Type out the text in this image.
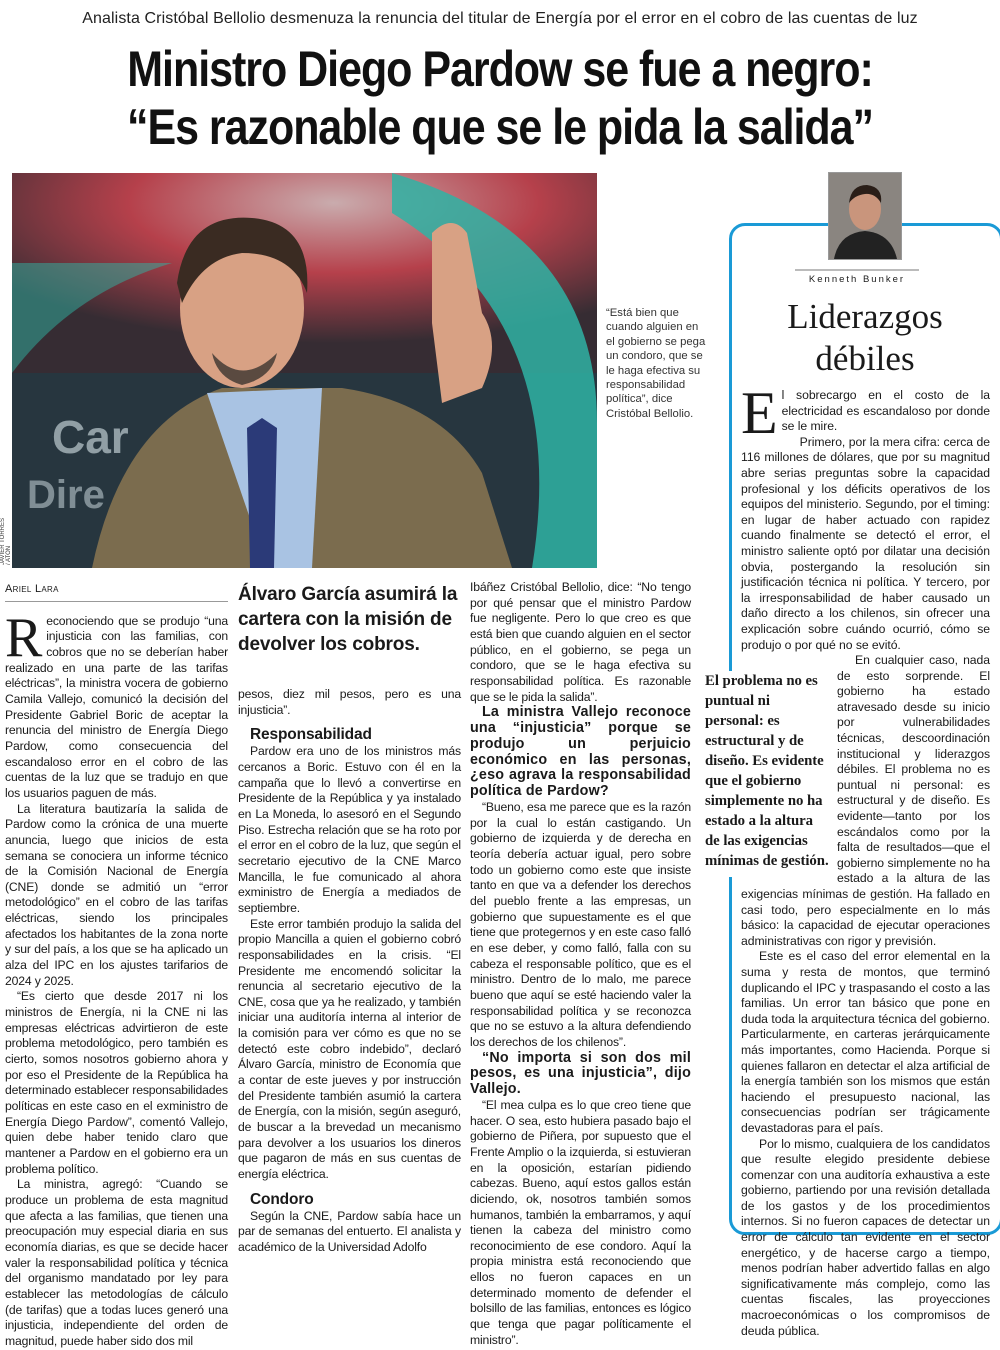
Analista Cristóbal Bellolio desmenuza la renuncia del titular de Energía por el error en el cobro de las cuentas de luz
Ministro Diego Pardow se fue a negro:
“Es razonable que se le pida la salida”
Car
Dire
JAVIER TORRES / ATON
“Está bien que cuando alguien en el gobierno se pega un condoro, que se le haga efectiva su responsabilidad política”, dice Cristóbal Bellolio.
Ariel Lara

Reconociendo que se produjo “una injusticia con las familias, con cobros que no se deberían haber realizado en una parte de las tarifas eléctricas”, la ministra vocera de gobierno Camila Vallejo, comunicó la decisión del Presidente Gabriel Boric de aceptar la renuncia del ministro de Energía Diego Pardow, como consecuencia del escandaloso error en el cobro de las cuentas de la luz que se tradujo en que los usuarios paguen de más.

La literatura bautizaría la salida de Pardow como la crónica de una muerte anuncia, luego que inicios de esta semana se conociera un informe técnico de la Comisión Nacional de Energía (CNE) donde se admitió un “error metodológico” en el cobro de las tarifas eléctricas, siendo los principales afectados los habitantes de la zona norte y sur del país, a los que se ha aplicado un alza del IPC en los ajustes tarifarios de 2024 y 2025.

“Es cierto que desde 2017 ni los ministros de Energía, ni la CNE ni las empresas eléctricas advirtieron de este problema metodológico, pero también es cierto, somos nosotros gobierno ahora y por eso el Presidente de la República ha determinado establecer responsabilidades políticas en este caso en el exministro de Energía Diego Pardow”, comentó Vallejo, quien debe haber tenido claro que mantener a Pardow en el gobierno era un problema político.

La ministra, agregó: “Cuando se produce un problema de esta magnitud que afecta a las familias, que tienen una preocupación muy especial diaria en sus economía diarias, es que se decide hacer valer la responsabilidad política y técnica del organismo mandatado por ley para establecer las metodologías de cálculo (de tarifas) que a todas luces generó una injusticia, independiente del orden de magnitud, puede haber sido dos mil

Álvaro García asumirá la cartera con la misión de devolver los cobros.

pesos, diez mil pesos, pero es una injusticia”.

Responsabilidad

Pardow era uno de los ministros más cercanos a Boric. Estuvo con él en la campaña que lo llevó a convertirse en Presidente de la República y ya instalado en La Moneda, lo asesoró en el Segundo Piso. Estrecha relación que se ha roto por el error en el cobro de la luz, que según el secretario ejecutivo de la CNE Marco Mancilla, le fue comunicado al ahora exministro de Energía a mediados de septiembre.

Este error también produjo la salida del propio Mancilla a quien el gobierno cobró responsabilidades en la crisis. “El Presidente me encomendó solicitar la renuncia al secretario ejecutivo de la CNE, cosa que ya he realizado, y también iniciar una auditoría interna al interior de la comisión para ver cómo es que no se detectó este cobro indebido”, declaró Álvaro García, ministro de Economía que a contar de este jueves y por instrucción del Presidente también asumió la cartera de Energía, con la misión, según aseguró, de buscar a la brevedad un mecanismo para devolver a los usuarios los dineros que pagaron de más en sus cuentas de energía eléctrica.

Condoro

Según la CNE, Pardow sabía hace un par de semanas del entuerto. El analista y académico de la Universidad Adolfo

Ibáñez Cristóbal Bellolio, dice: “No tengo por qué pensar que el ministro Pardow fue negligente. Pero lo que creo es que está bien que cuando alguien en el sector público, en el gobierno, se pega un condoro, que se le haga efectiva su responsabilidad política. Es razonable que se le pida la salida”.

La ministra Vallejo reconoce una “injusticia” porque se produjo un perjuicio económico en las personas, ¿eso agrava la responsabilidad política de Pardow?

“Bueno, esa me parece que es la razón por la cual lo están castigando. Un gobierno de izquierda y de derecha en teoría debería actuar igual, pero sobre todo un gobierno como este que insiste tanto en que va a defender los derechos del pueblo frente a las empresas, un gobierno que supuestamente es el que tiene que protegernos y en este caso falló en ese deber, y como falló, falla con su cabeza el responsable político, que es el ministro. Dentro de lo malo, me parece bueno que aquí se esté haciendo valer la responsabilidad política y se reconozca que no se estuvo a la altura defendiendo los derechos de los chilenos”.

“No importa si son dos mil pesos, es una injusticia”, dijo Vallejo.

“El mea culpa es lo que creo tiene que hacer. O sea, esto hubiera pasado bajo el gobierno de Piñera, por supuesto que el Frente Amplio o la izquierda, si estuvieran en la oposición, estarían pidiendo cabezas. Bueno, aquí estos gallos están diciendo, ok, nosotros también somos humanos, también la embarramos, y aquí tienen la cabeza del ministro como reconocimiento de ese condoro. Aquí la propia ministra está reconociendo que ellos no fueron capaces en un determinado momento de defender el bolsillo de las familias, entonces es lógico que tenga que pagar políticamente el ministro”.

Kenneth Bunker
Liderazgos débiles

El sobrecargo en el costo de la electricidad es escandaloso por donde se le mire.

Primero, por la mera cifra: cerca de 116 millones de dólares, que por su magnitud abre serias preguntas sobre la capacidad profesional y los déficits operativos de los equipos del ministerio. Segundo, por el timing: en lugar de haber actuado con rapidez cuando finalmente se detectó el error, el ministro saliente optó por dilatar una decisión obvia, postergando la resolución sin justificación técnica ni política. Y tercero, por la irresponsabilidad de haber causado un daño directo a los chilenos, sin ofrecer una explicación sobre cuándo ocurrió, cómo se produjo o por qué no se evitó.

El problema no es puntual ni personal: es estructural y de diseño. Es evidente que el gobierno simplemente no ha estado a la altura de las exigencias mínimas de gestión.
En cualquier caso, nada de esto sorprende. El gobierno ha estado atravesado desde su inicio por vulnerabilidades técnicas, descoordinación institucional y liderazgos débiles. El problema no es puntual ni personal: es estructural y de diseño. Es evidente—tanto por los escándalos como por la falta de resultados—que el gobierno simplemente no ha estado a la altura de las exigencias mínimas de gestión. Ha fallado en casi todo, pero especialmente en lo más básico: la capacidad de ejecutar operaciones administrativas con rigor y previsión.

Este es el caso del error elemental en la suma y resta de montos, que terminó duplicando el IPC y traspasando el costo a las familias. Un error tan básico que pone en duda toda la arquitectura técnica del gobierno. Particularmente, en carteras jerárquicamente más importantes, como Hacienda. Porque si quienes fallaron en detectar el alza artificial de la energía también son los mismos que están haciendo el presupuesto nacional, las consecuencias podrían ser trágicamente devastadoras para el país.

Por lo mismo, cualquiera de los candidatos que resulte elegido presidente debiese comenzar con una auditoría exhaustiva a este gobierno, partiendo por una revisión detallada de los gastos y de los procedimientos internos. Si no fueron capaces de detectar un error de cálculo tan evidente en el sector energético, y de hacerse cargo a tiempo, menos podrían haber advertido fallas en algo significativamente más complejo, como las cuentas fiscales, las proyecciones macroeconómicas o los compromisos de deuda pública.
